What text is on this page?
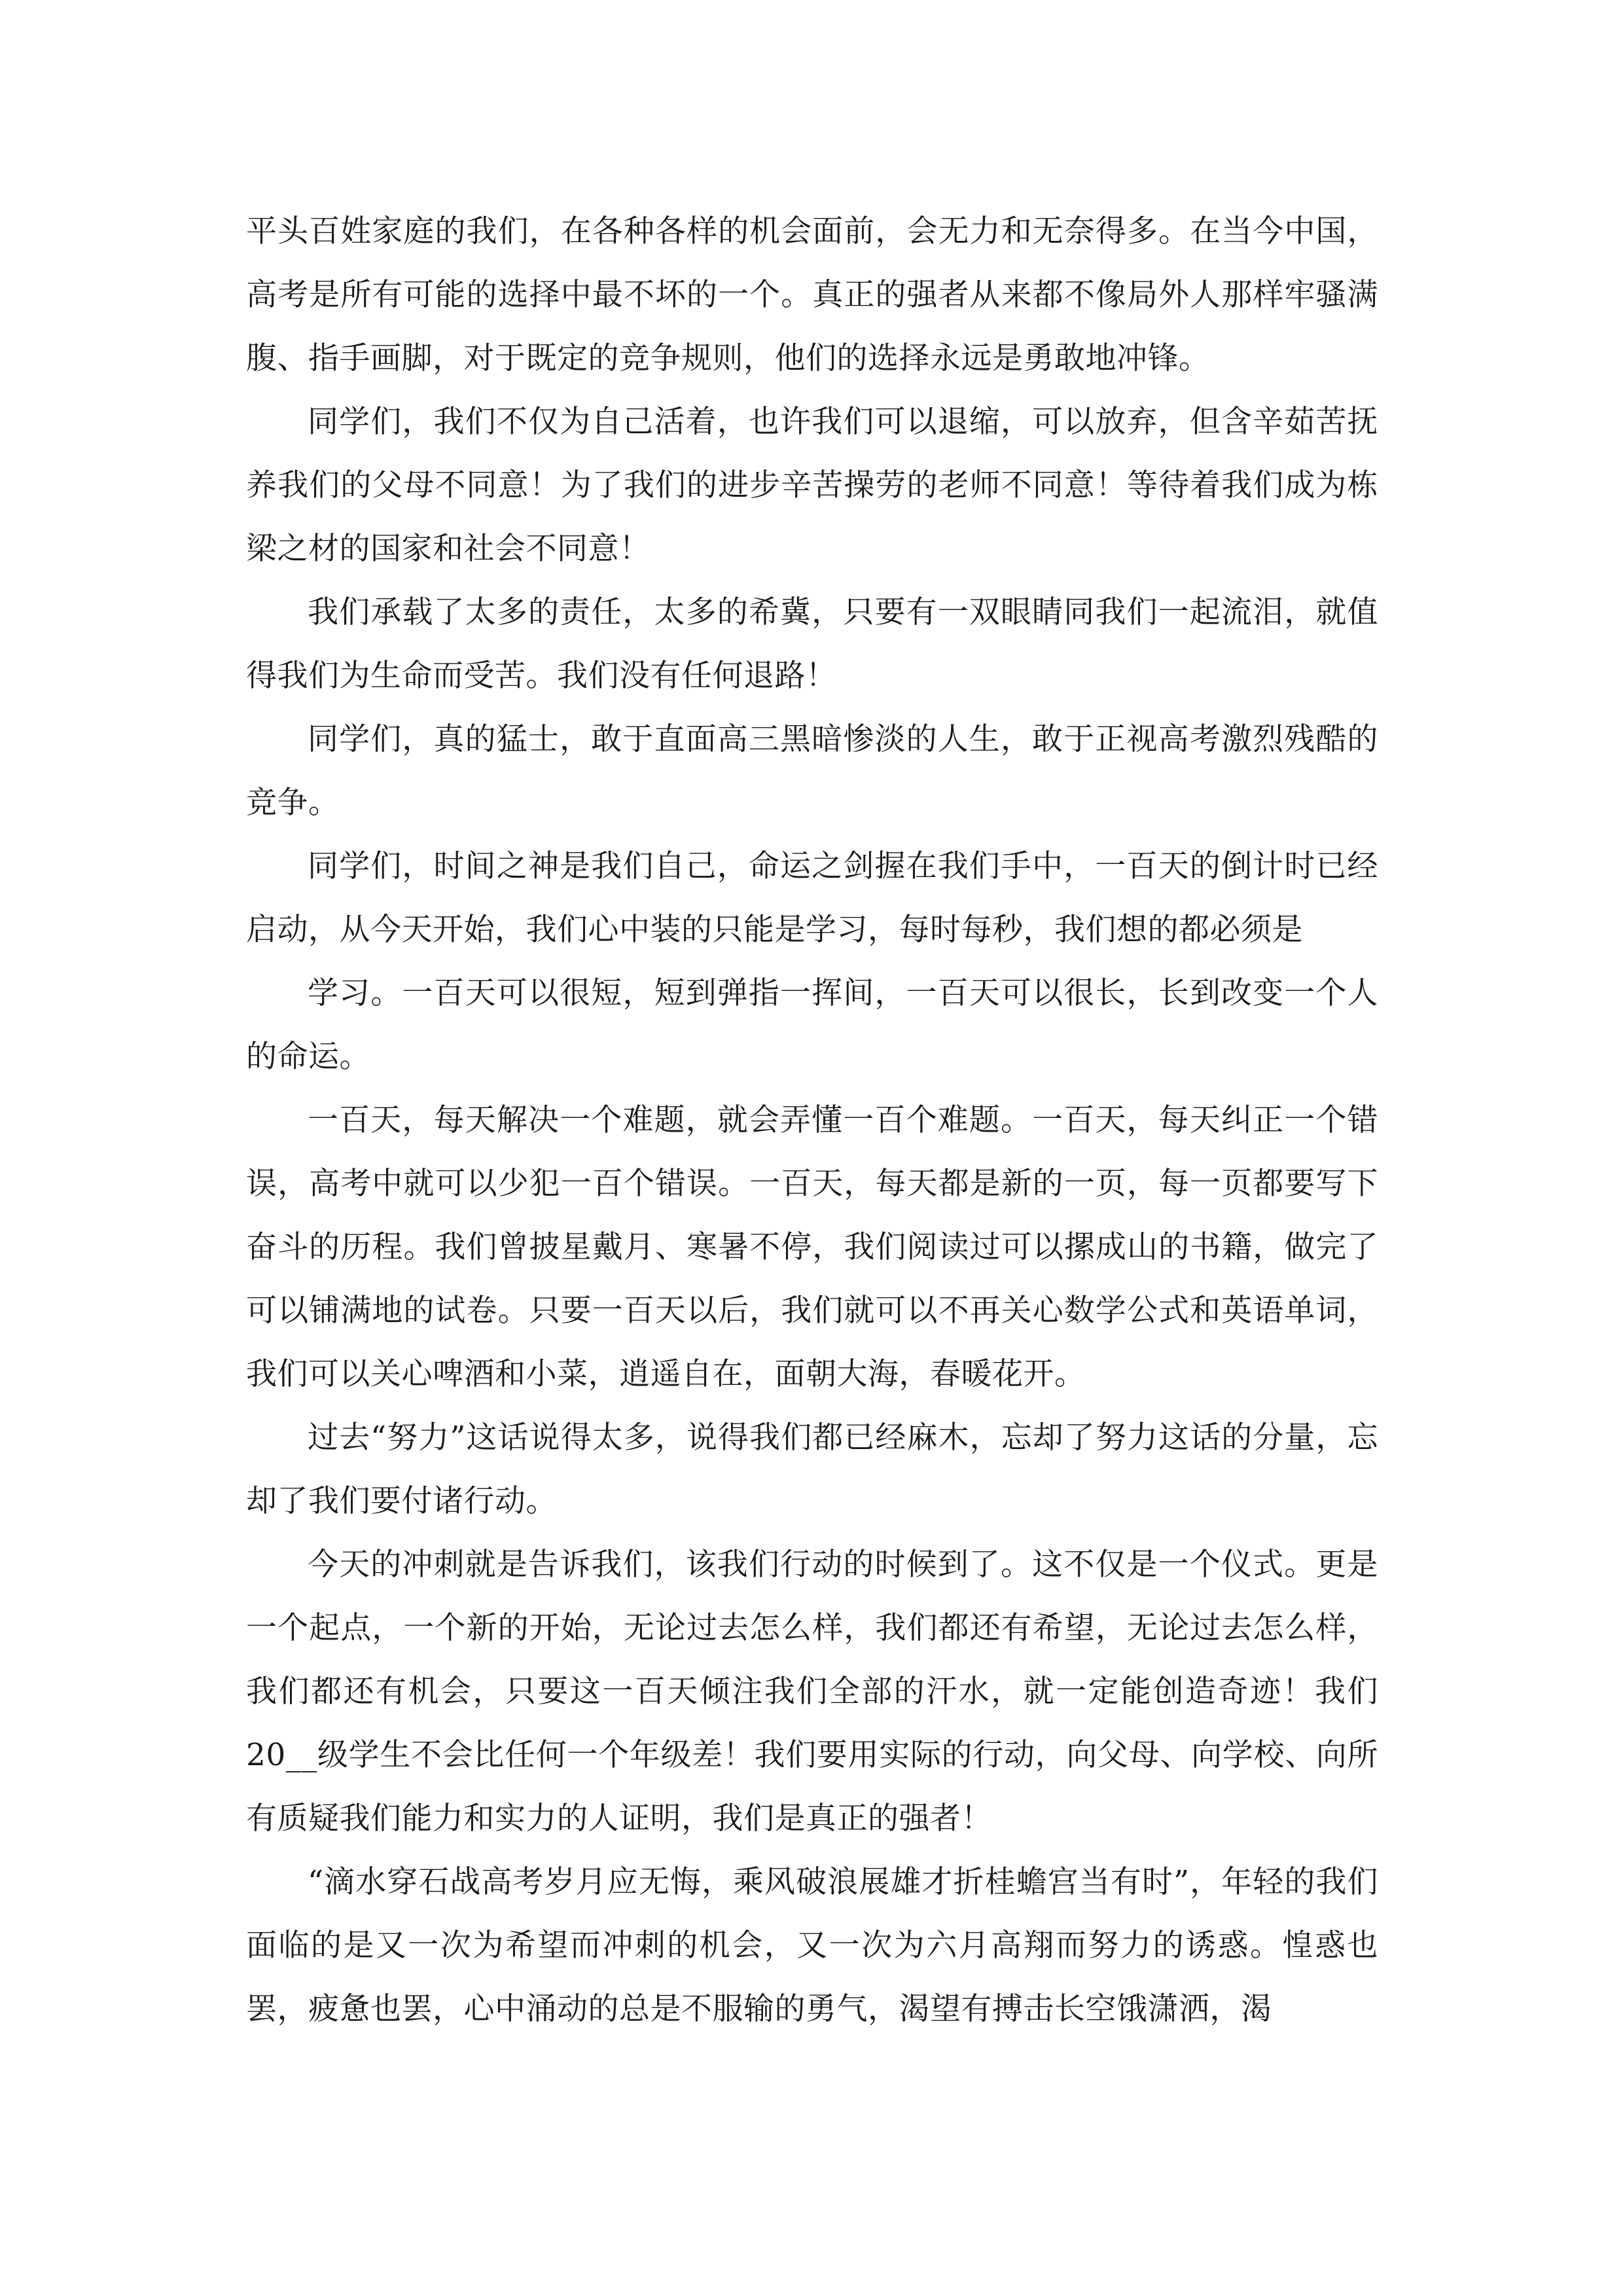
平头百姓家庭的我们，在各种各样的机会面前，会无力和无奈得多。在当今中国，高考是所有可能的选择中最不坏的一个。真正的强者从来都不像局外人那样牢骚满腹、指手画脚，对于既定的竞争规则，他们的选择永远是勇敢地冲锋。

同学们，我们不仅为自己活着，也许我们可以退缩，可以放弃，但含辛茹苦抚养我们的父母不同意！为了我们的进步辛苦操劳的老师不同意！等待着我们成为栋梁之材的国家和社会不同意！

我们承载了太多的责任，太多的希冀，只要有一双眼睛同我们一起流泪，就值得我们为生命而受苦。我们没有任何退路！

同学们，真的猛士，敢于直面高三黑暗惨淡的人生，敢于正视高考激烈残酷的竞争。

同学们，时间之神是我们自己，命运之剑握在我们手中，一百天的倒计时已经启动，从今天开始，我们心中装的只能是学习，每时每秒，我们想的都必须是

学习。一百天可以很短，短到弹指一挥间，一百天可以很长，长到改变一个人的命运。

一百天，每天解决一个难题，就会弄懂一百个难题。一百天，每天纠正一个错误，高考中就可以少犯一百个错误。一百天，每天都是新的一页，每一页都要写下奋斗的历程。我们曾披星戴月、寒暑不停，我们阅读过可以摞成山的书籍，做完了可以铺满地的试卷。只要一百天以后，我们就可以不再关心数学公式和英语单词，我们可以关心啤酒和小菜，逍遥自在，面朝大海，春暖花开。

过去“努力”这话说得太多，说得我们都已经麻木，忘却了努力这话的分量，忘却了我们要付诸行动。

今天的冲刺就是告诉我们，该我们行动的时候到了。这不仅是一个仪式。更是一个起点，一个新的开始，无论过去怎么样，我们都还有希望，无论过去怎么样，我们都还有机会，只要这一百天倾注我们全部的汗水，就一定能创造奇迹！我们 20__级学生不会比任何一个年级差！我们要用实际的行动，向父母、向学校、向所有质疑我们能力和实力的人证明，我们是真正的强者！

“滴水穿石战高考岁月应无悔，乘风破浪展雄才折桂蟾宫当有时”，年轻的我们面临的是又一次为希望而冲刺的机会，又一次为六月高翔而努力的诱惑。惶惑也罢，疲惫也罢，心中涌动的总是不服输的勇气，渴望有搏击长空饿潇洒，渴
